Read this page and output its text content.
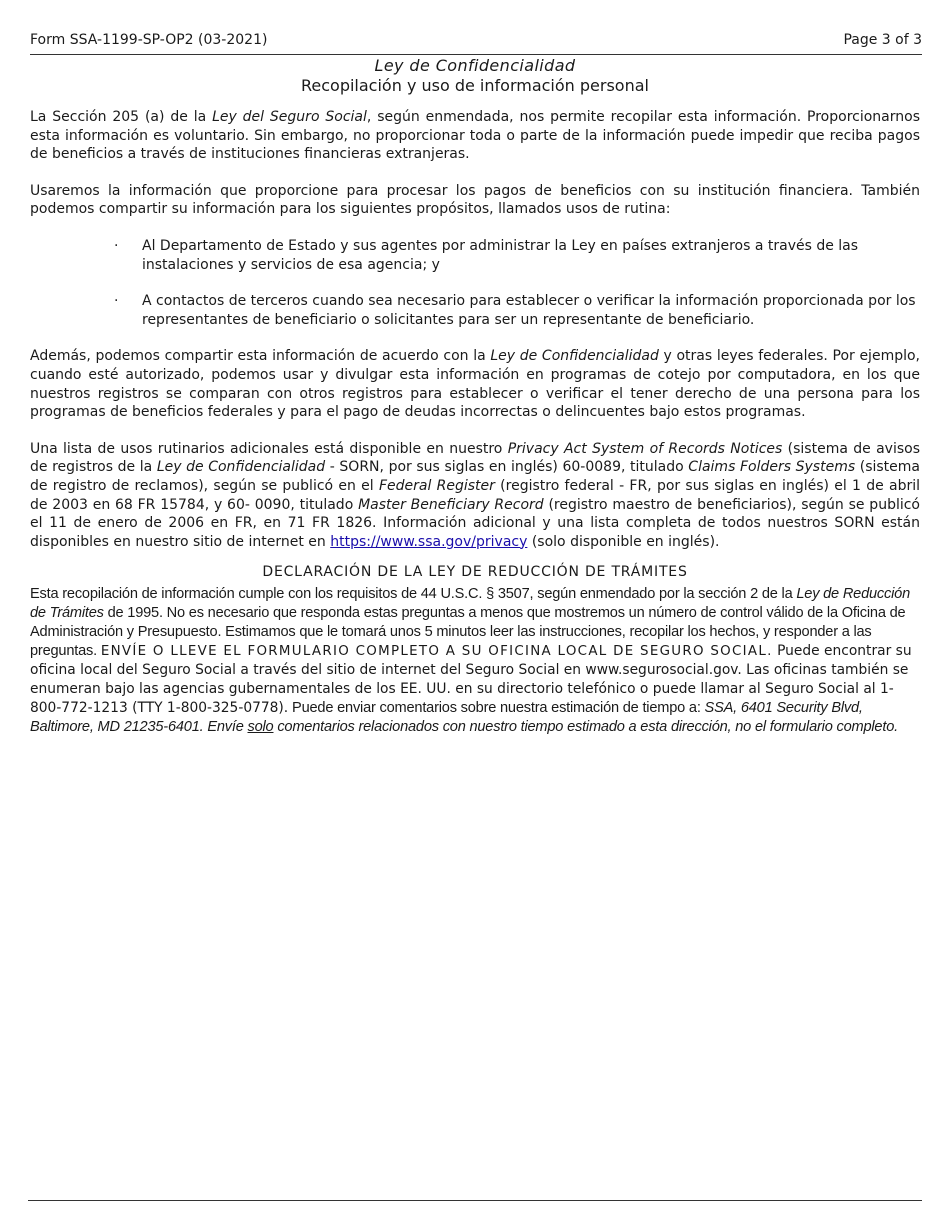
Form SSA-1199-SP-OP2 (03-2021)	Page 3 of 3
Ley de Confidencialidad
Recopilación y uso de información personal

La Sección 205 (a) de la Ley del Seguro Social, según enmendada, nos permite recopilar esta información. Proporcionarnos esta información es voluntario. Sin embargo, no proporcionar toda o parte de la información puede impedir que reciba pagos de beneficios a través de instituciones financieras extranjeras.

Usaremos la información que proporcione para procesar los pagos de beneficios con su institución financiera. También podemos compartir su información para los siguientes propósitos, llamados usos de rutina:

· Al Departamento de Estado y sus agentes por administrar la Ley en países extranjeros a través de las instalaciones y servicios de esa agencia; y
· A contactos de terceros cuando sea necesario para establecer o verificar la información proporcionada por los representantes de beneficiario o solicitantes para ser un representante de beneficiario.

Además, podemos compartir esta información de acuerdo con la Ley de Confidencialidad y otras leyes federales. Por ejemplo, cuando esté autorizado, podemos usar y divulgar esta información en programas de cotejo por computadora, en los que nuestros registros se comparan con otros registros para establecer o verificar el tener derecho de una persona para los programas de beneficios federales y para el pago de deudas incorrectas o delincuentes bajo estos programas.

Una lista de usos rutinarios adicionales está disponible en nuestro Privacy Act System of Records Notices (sistema de avisos de registros de la Ley de Confidencialidad - SORN, por sus siglas en inglés) 60-0089, titulado Claims Folders Systems (sistema de registro de reclamos), según se publicó en el Federal Register (registro federal - FR, por sus siglas en inglés) el 1 de abril de 2003 en 68 FR 15784, y 60- 0090, titulado Master Beneficiary Record (registro maestro de beneficiarios), según se publicó el 11 de enero de 2006 en FR, en 71 FR 1826. Información adicional y una lista completa de todos nuestros SORN están disponibles en nuestro sitio de internet en https://www.ssa.gov/privacy (solo disponible en inglés).

DECLARACIÓN DE LA LEY DE REDUCCIÓN DE TRÁMITES

Esta recopilación de información cumple con los requisitos de 44 U.S.C. § 3507, según enmendado por la sección 2 de la Ley de Reducción de Trámites de 1995. No es necesario que responda estas preguntas a menos que mostremos un número de control válido de la Oficina de Administración y Presupuesto. Estimamos que le tomará unos 5 minutos leer las instrucciones, recopilar los hechos, y responder a las preguntas. ENVÍE O LLEVE EL FORMULARIO COMPLETO A SU OFICINA LOCAL DE SEGURO SOCIAL. Puede encontrar su oficina local del Seguro Social a través del sitio de internet del Seguro Social en www.segurosocial.gov. Las oficinas también se enumeran bajo las agencias gubernamentales de los EE. UU. en su directorio telefónico o puede llamar al Seguro Social al 1-800-772-1213 (TTY 1-800-325-0778). Puede enviar comentarios sobre nuestra estimación de tiempo a: SSA, 6401 Security Blvd, Baltimore, MD 21235-6401. Envíe solo comentarios relacionados con nuestro tiempo estimado a esta dirección, no el formulario completo.
